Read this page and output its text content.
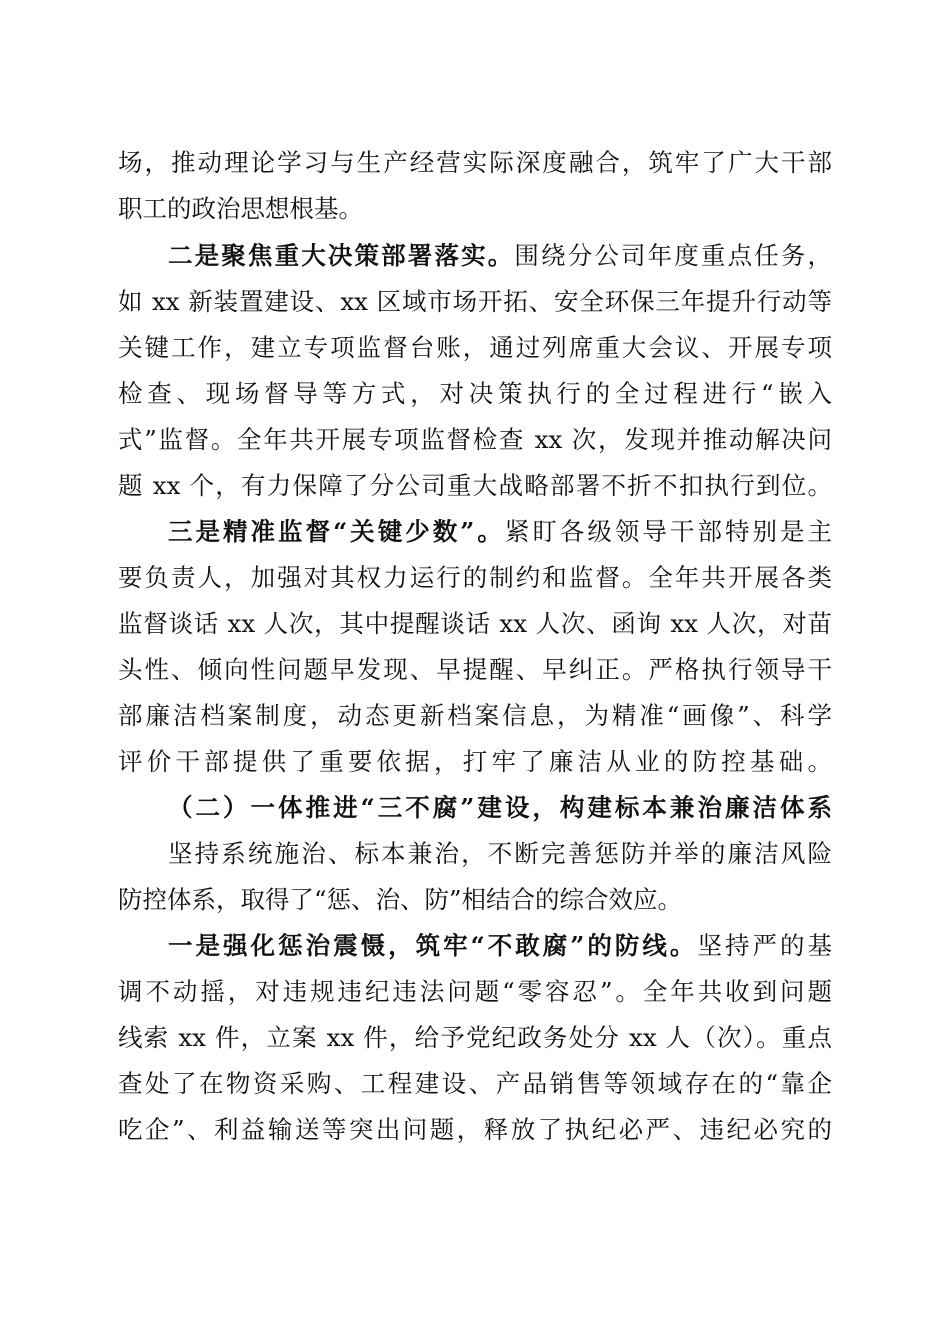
场，推动理论学习与生产经营实际深度融合，筑牢了广大干部
职工的政治思想根基。
二是聚焦重大决策部署落实。围绕分公司年度重点任务，
如 xx 新装置建设、xx 区域市场开拓、安全环保三年提升行动等
关键工作，建立专项监督台账，通过列席重大会议、开展专项
检查、现场督导等方式，对决策执行的全过程进行“嵌入
式”监督。全年共开展专项监督检查 xx 次，发现并推动解决问
题 xx 个，有力保障了分公司重大战略部署不折不扣执行到位。
三是精准监督“关键少数”。紧盯各级领导干部特别是主
要负责人，加强对其权力运行的制约和监督。全年共开展各类
监督谈话 xx 人次，其中提醒谈话 xx 人次、函询 xx 人次，对苗
头性、倾向性问题早发现、早提醒、早纠正。严格执行领导干
部廉洁档案制度，动态更新档案信息，为精准“画像”、科学
评价干部提供了重要依据，打牢了廉洁从业的防控基础。
（二）一体推进“三不腐”建设，构建标本兼治廉洁体系
坚持系统施治、标本兼治，不断完善惩防并举的廉洁风险
防控体系，取得了“惩、治、防”相结合的综合效应。
一是强化惩治震慑，筑牢“不敢腐”的防线。坚持严的基
调不动摇，对违规违纪违法问题“零容忍”。全年共收到问题
线索 xx 件，立案 xx 件，给予党纪政务处分 xx 人（次）。重点
查处了在物资采购、工程建设、产品销售等领域存在的“靠企
吃企”、利益输送等突出问题，释放了执纪必严、违纪必究的
